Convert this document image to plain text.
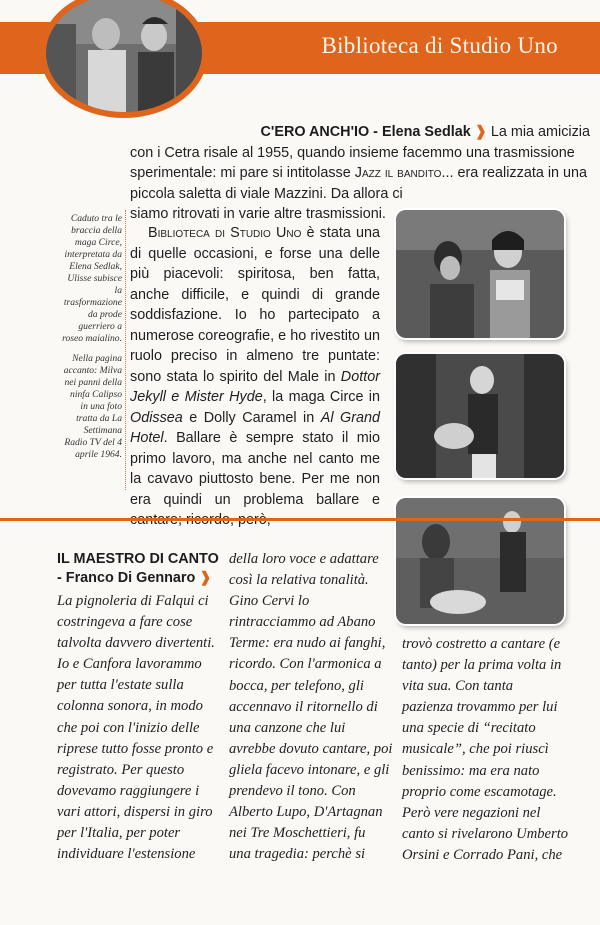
Biblioteca di Studio Uno
C'ERO ANCH'IO - Elena Sedlak ❱ La mia amicizia
con i Cetra risale al 1955, quando insieme facemmo una trasmissione
sperimentale: mi pare si intitolasse Jazz il bandito... era realizzata in una
piccola saletta di viale Mazzini. Da allora ci
siamo ritrovati in varie altre trasmissioni.
Biblioteca di Studio Uno è stata una di quelle occasioni, e forse una delle più piacevoli: spiritosa, ben fatta, anche difficile, e quindi di grande soddisfazione. Io ho partecipato a numerose coreografie, e ho rivestito un ruolo preciso in almeno tre puntate: sono stata lo spirito del Male in Dottor Jekyll e Mister Hyde, la maga Circe in Odissea e Dolly Caramel in Al Grand Hotel. Ballare è sempre stato il mio primo lavoro, ma anche nel canto me la cavavo piuttosto bene. Per me non era quindi un problema ballare e

Caduto tra le braccia della maga Circe, interpretata da Elena Sedlak, Ulisse subisce la trasformazione da prode guerriero a roseo maialino.

Nella pagina accanto: Milva nei panni della ninfa Calipso in una foto tratta da La Settimana Radio TV del 4 aprile 1964.

IL MAESTRO DI CANTO
- Franco Di Gennaro ❱
La pignoleria di Falqui ci
costringeva a fare cose
talvolta davvero divertenti.
Io e Canfora lavorammo
per tutta l'estate sulla
colonna sonora, in modo
che poi con l'inizio delle
riprese tutto fosse pronto e
registrato. Per questo
dovevamo raggiungere i
vari attori, dispersi in giro
per l'Italia, per poter
individuare l'estensione
della loro voce e adattare
così la relativa tonalità.
Gino Cervi lo
rintracciammo ad Abano
Terme: era nudo ai fanghi,
ricordo. Con l'armonica a
bocca, per telefono, gli
accennavo il ritornello di
una canzone che lui
avrebbe dovuto cantare, poi
gliela facevo intonare, e gli
prendevo il tono. Con
Alberto Lupo, D'Artagnan
nei Tre Moschettieri, fu
una tragedia: perchè si
trovò costretto a cantare (e
tanto) per la prima volta in
vita sua. Con tanta
pazienza trovammo per lui
una specie di “recitato
musicale”, che poi riuscì
benissimo: ma era nato
proprio come escamotage.
Però vere negazioni nel
canto si rivelarono Umberto
Orsini e Corrado Pani, che
